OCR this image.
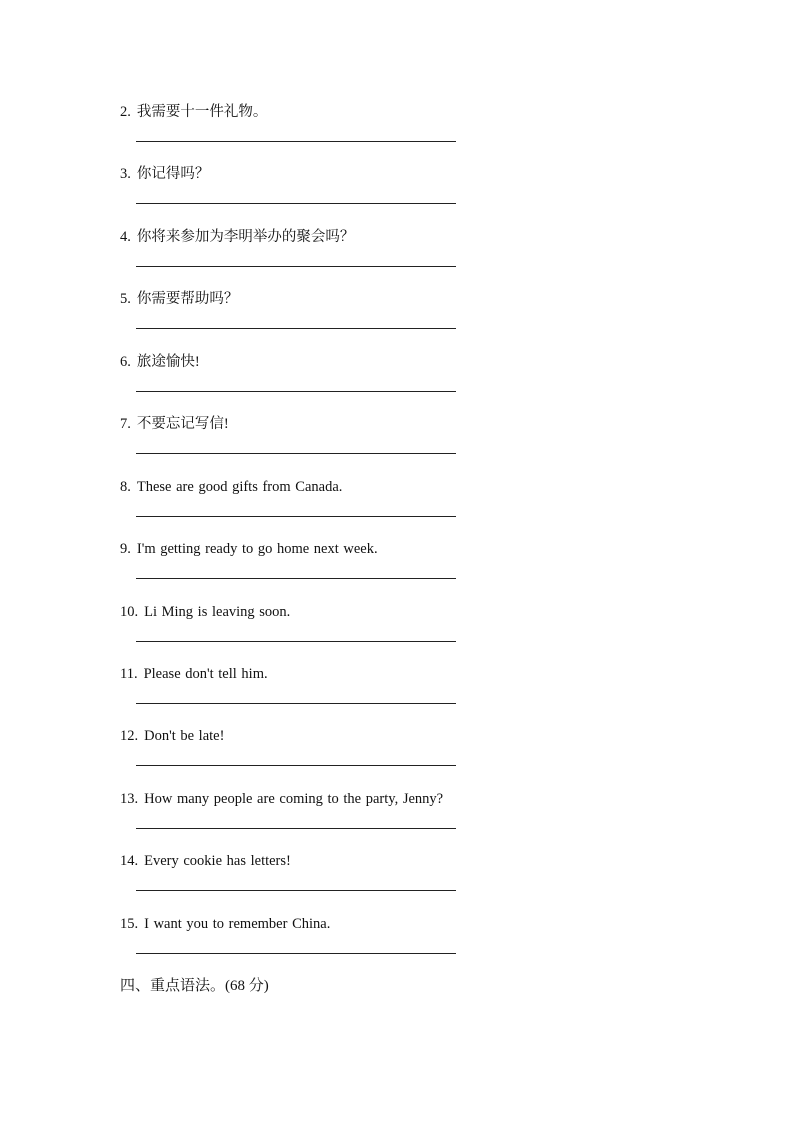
2. 我需要十一件礼物。
3. 你记得吗？
4. 你将来参加为李明举办的聚会吗？
5. 你需要帮助吗？
6. 旅途愉快!
7. 不要忘记写信!
8. These are good gifts from Canada.
9. I'm getting ready to go home next week.
10. Li Ming is leaving soon.
11. Please don't tell him.
12. Don't be late!
13. How many people are coming to the party, Jenny?
14. Every cookie has letters!
15. I want you to remember China.
四、重点语法。(68 分)
